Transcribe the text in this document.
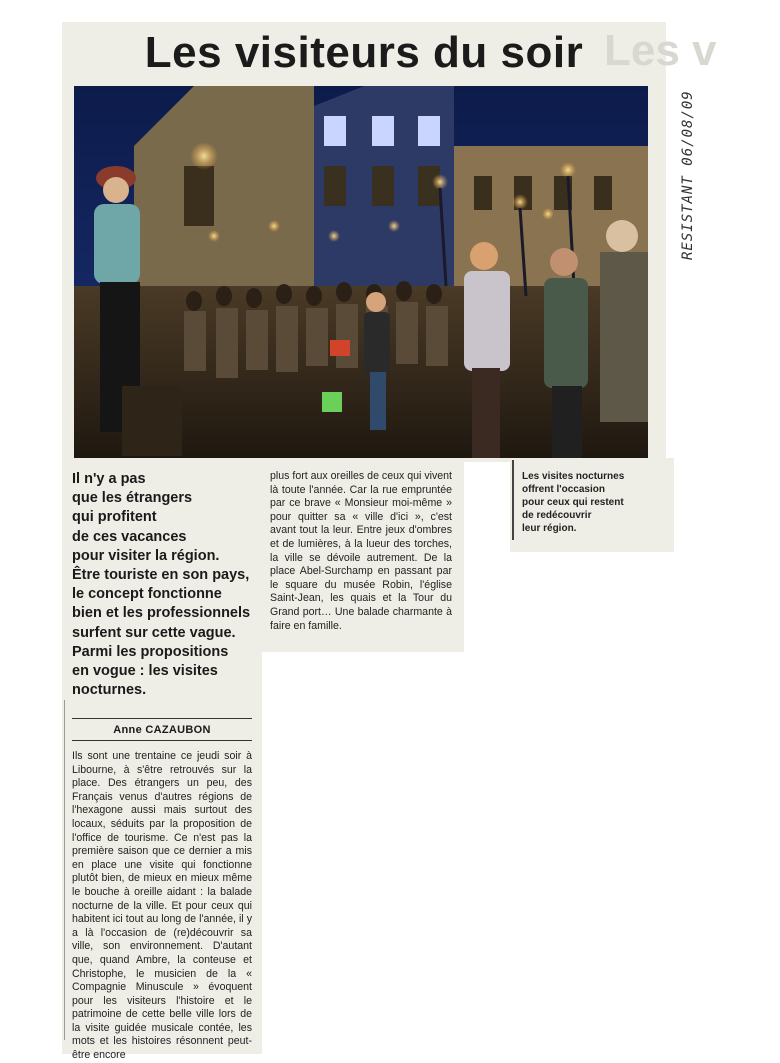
Les v
Les visiteurs du soir
Il n'y a pas
que les étrangers
qui profitent
de ces vacances
pour visiter la région.
Être touriste en son pays,
le concept fonctionne
bien et les professionnels
surfent sur cette vague.
Parmi les propositions
en vogue : les visites
nocturnes.
Anne CAZAUBON
Ils sont une trentaine ce jeudi soir à Libourne, à s'être retrouvés sur la place. Des étrangers un peu, des Français venus d'autres régions de l'hexagone aussi mais surtout des locaux, séduits par la proposition de l'office de tourisme. Ce n'est pas la première saison que ce dernier a mis en place une visite qui fonctionne plutôt bien, de mieux en mieux même le bouche à oreille aidant : la balade nocturne de la ville. Et pour ceux qui habitent ici tout au long de l'année, il y a là l'occasion de (re)découvrir sa ville, son environnement. D'autant que, quand Ambre, la conteuse et Christophe, le musicien de la « Compagnie Minuscule » évoquent pour les visiteurs l'histoire et le patrimoine de cette belle ville lors de la visite guidée musicale contée, les mots et les histoires résonnent peut-être encore
plus fort aux oreilles de ceux qui vivent là toute l'année. Car la rue empruntée par ce brave « Monsieur moi-même » pour quitter sa « ville d'ici », c'est avant tout la leur. Entre jeux d'ombres et de lumières, à la lueur des torches, la ville se dévoile autrement. De la place Abel-Surchamp en passant par le square du musée Robin, l'église Saint-Jean, les quais et la Tour du Grand port… Une balade charmante à faire en famille.
Les visites nocturnes
offrent l'occasion
pour ceux qui restent
de redécouvrir
leur région.
RESISTANT 06/08/09
